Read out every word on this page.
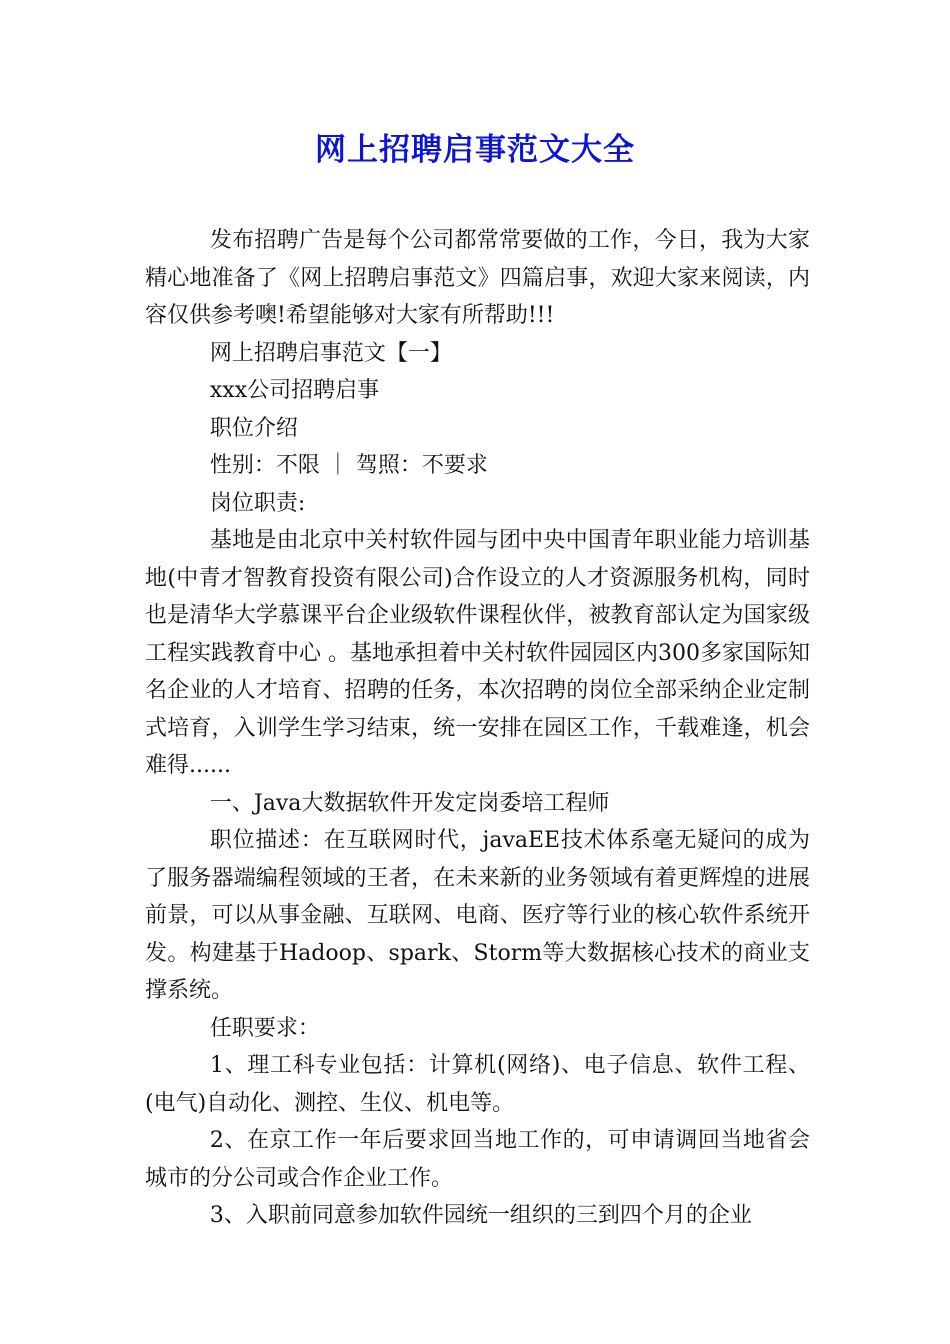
网上招聘启事范文大全

发布招聘广告是每个公司都常常要做的工作，今日，我为大家精心地准备了《网上招聘启事范文》四篇启事，欢迎大家来阅读，内容仅供参考噢!希望能够对大家有所帮助!!!

网上招聘启事范文【一】

xxx公司招聘启事

职位介绍

性别：不限 ｜ 驾照：不要求

岗位职责:

基地是由北京中关村软件园与团中央中国青年职业能力培训基地(中青才智教育投资有限公司)合作设立的人才资源服务机构，同时也是清华大学慕课平台企业级软件课程伙伴，被教育部认定为国家级工程实践教育中心 。基地承担着中关村软件园园区内300多家国际知名企业的人才培育、招聘的任务，本次招聘的岗位全部采纳企业定制式培育，入训学生学习结束，统一安排在园区工作，千载难逢，机会难得......

一、Java大数据软件开发定岗委培工程师

职位描述：在互联网时代，javaEE技术体系毫无疑问的成为了服务器端编程领域的王者，在未来新的业务领域有着更辉煌的进展前景，可以从事金融、互联网、电商、医疗等行业的核心软件系统开发。构建基于Hadoop、spark、Storm等大数据核心技术的商业支撑系统。

任职要求：

1、理工科专业包括：计算机(网络)、电子信息、软件工程、(电气)自动化、测控、生仪、机电等。

2、在京工作一年后要求回当地工作的，可申请调回当地省会城市的分公司或合作企业工作。

3、入职前同意参加软件园统一组织的三到四个月的企业
